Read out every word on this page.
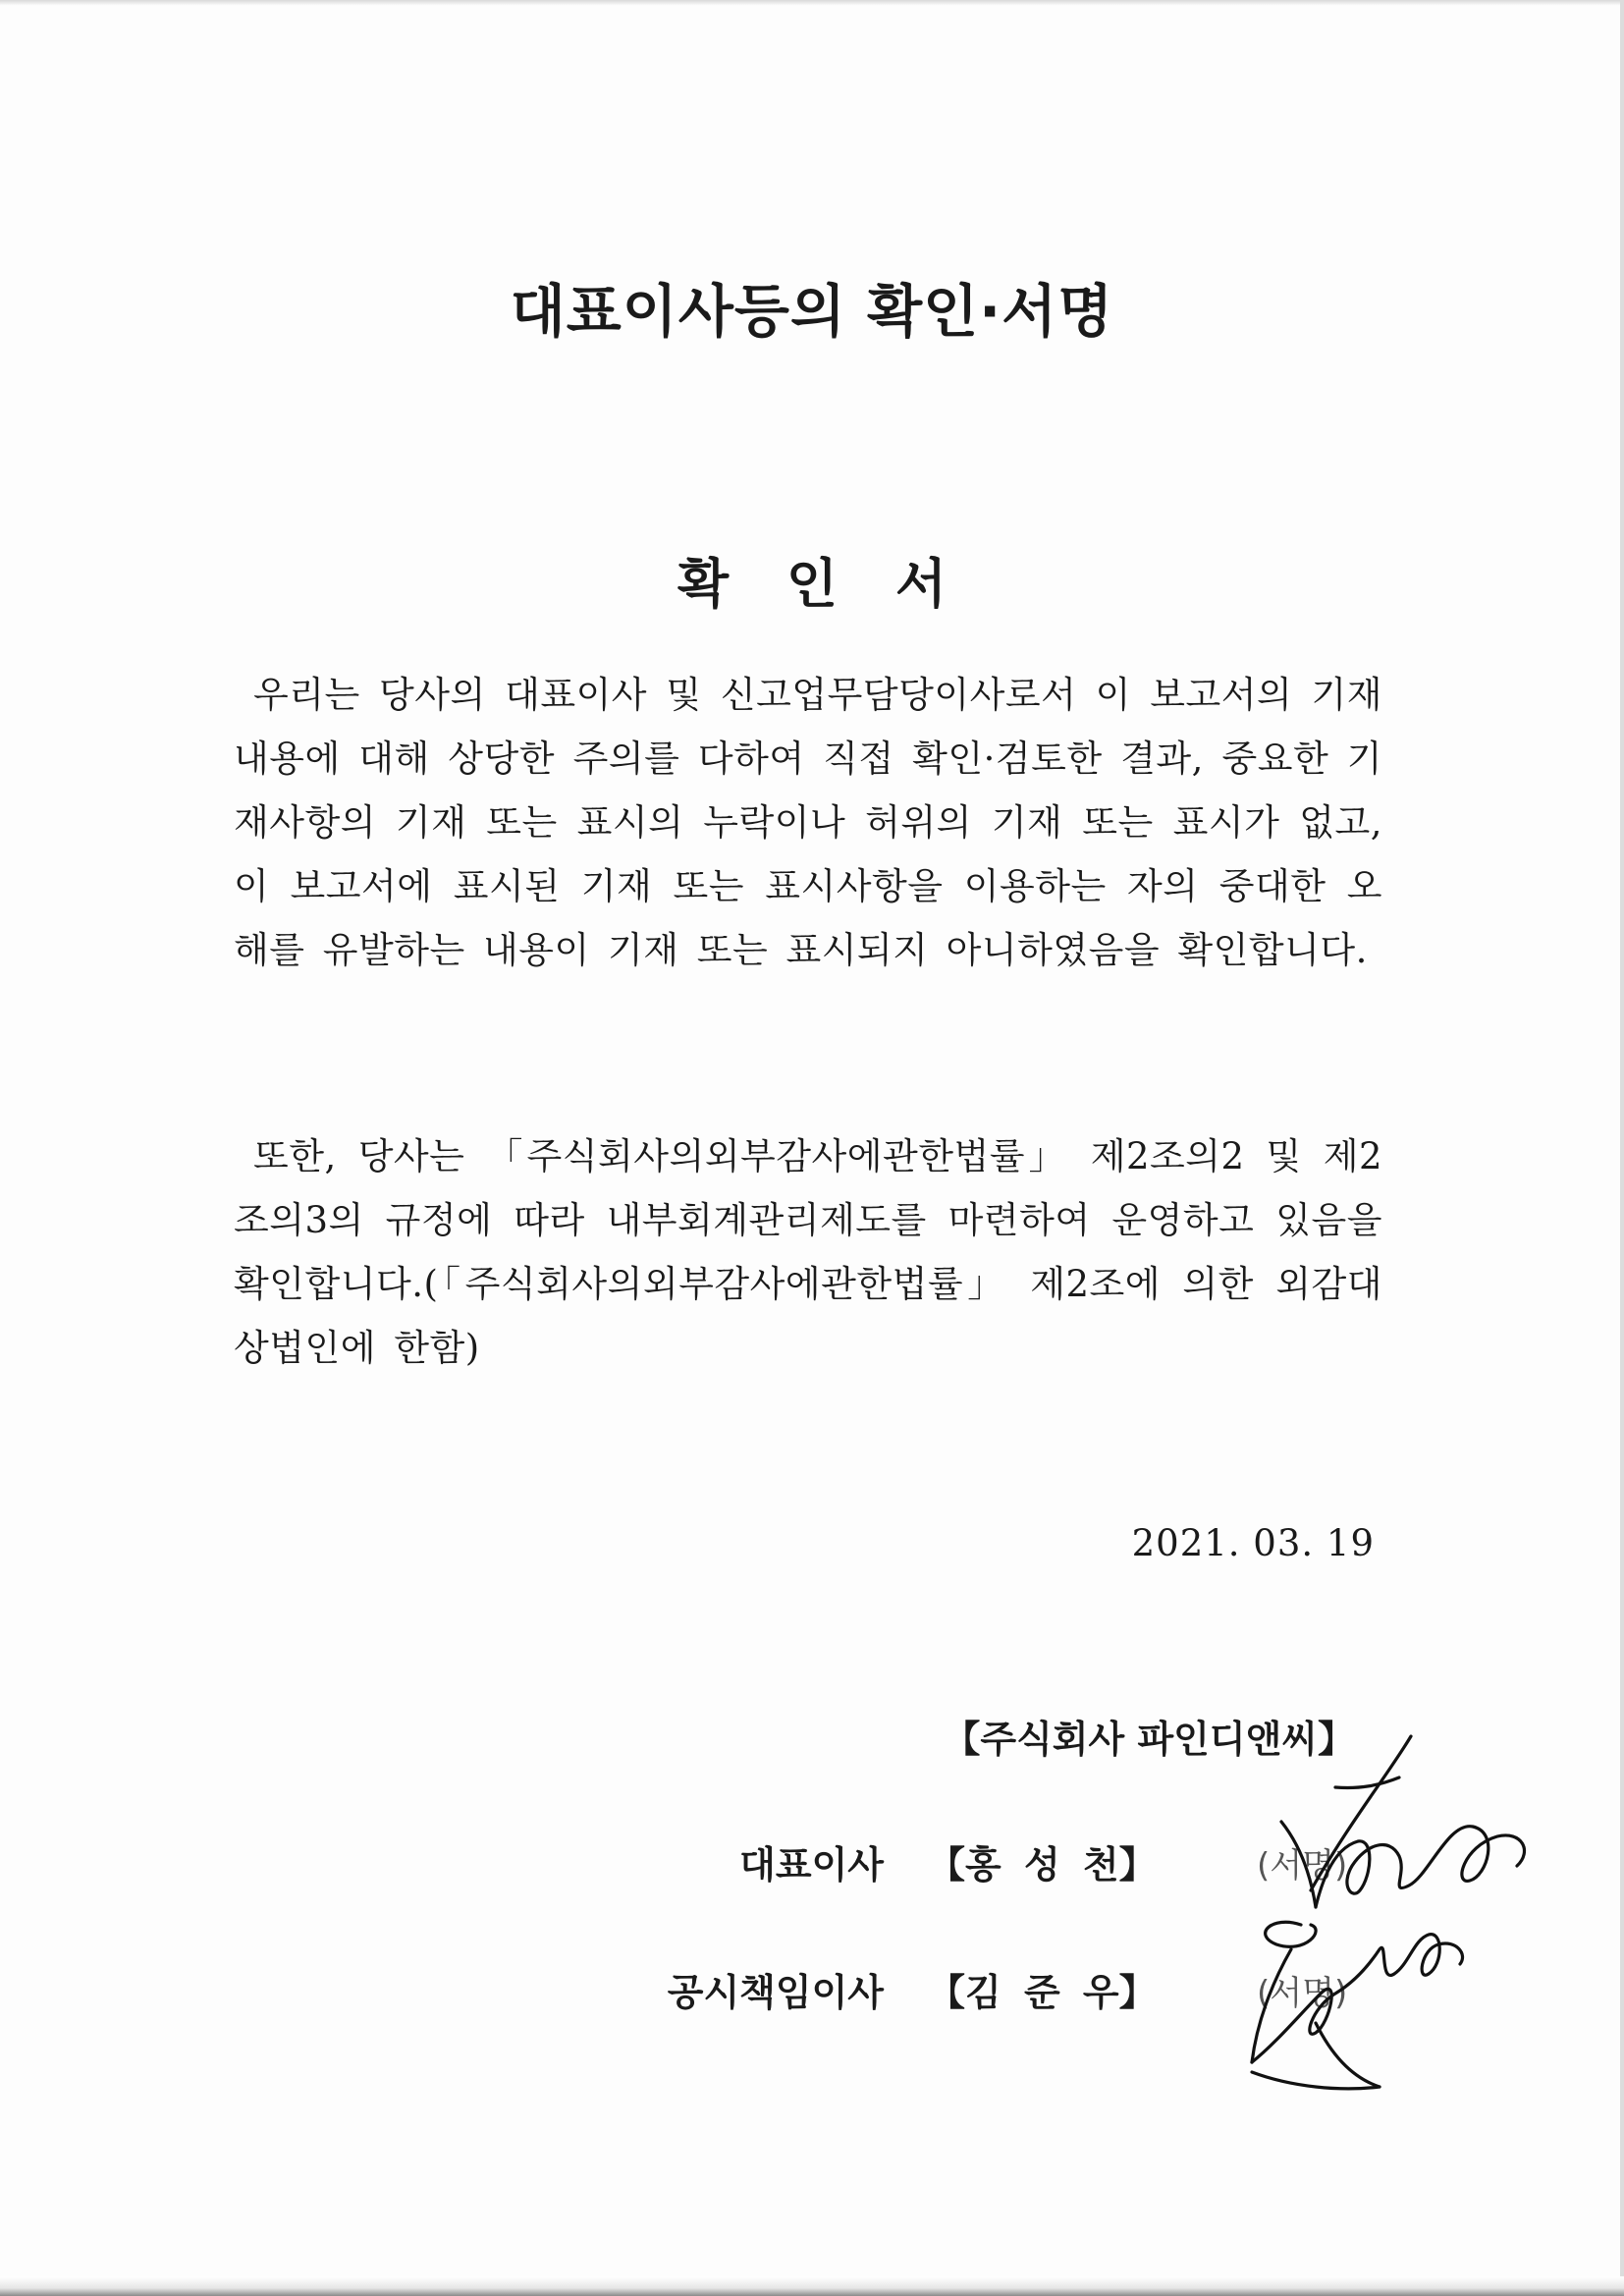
대표이사등의 확인·서명
확 인 서

우리는 당사의 대표이사 및 신고업무담당이사로서 이 보고서의 기재내용에 대해 상당한 주의를 다하여 직접 확인·검토한 결과, 중요한 기재사항의 기재 또는 표시의 누락이나 허위의 기재 또는 표시가 없고, 이 보고서에 표시된 기재 또는 표시사항을 이용하는 자의 중대한 오해를 유발하는 내용이 기재 또는 표시되지 아니하였음을 확인합니다.

또한, 당사는 「주식회사의외부감사에관한법률」 제2조의2 및 제2조의3의 규정에 따라 내부회계관리제도를 마련하여 운영하고 있음을 확인합니다.(「주식회사의외부감사에관한법률」 제2조에 의한 외감대상법인에 한함)

2021. 03. 19

【주식회사 파인디앤씨】

대표이사 【홍 성 천】	(서명)
공시책임이사 【김 준 우】	(서명)
